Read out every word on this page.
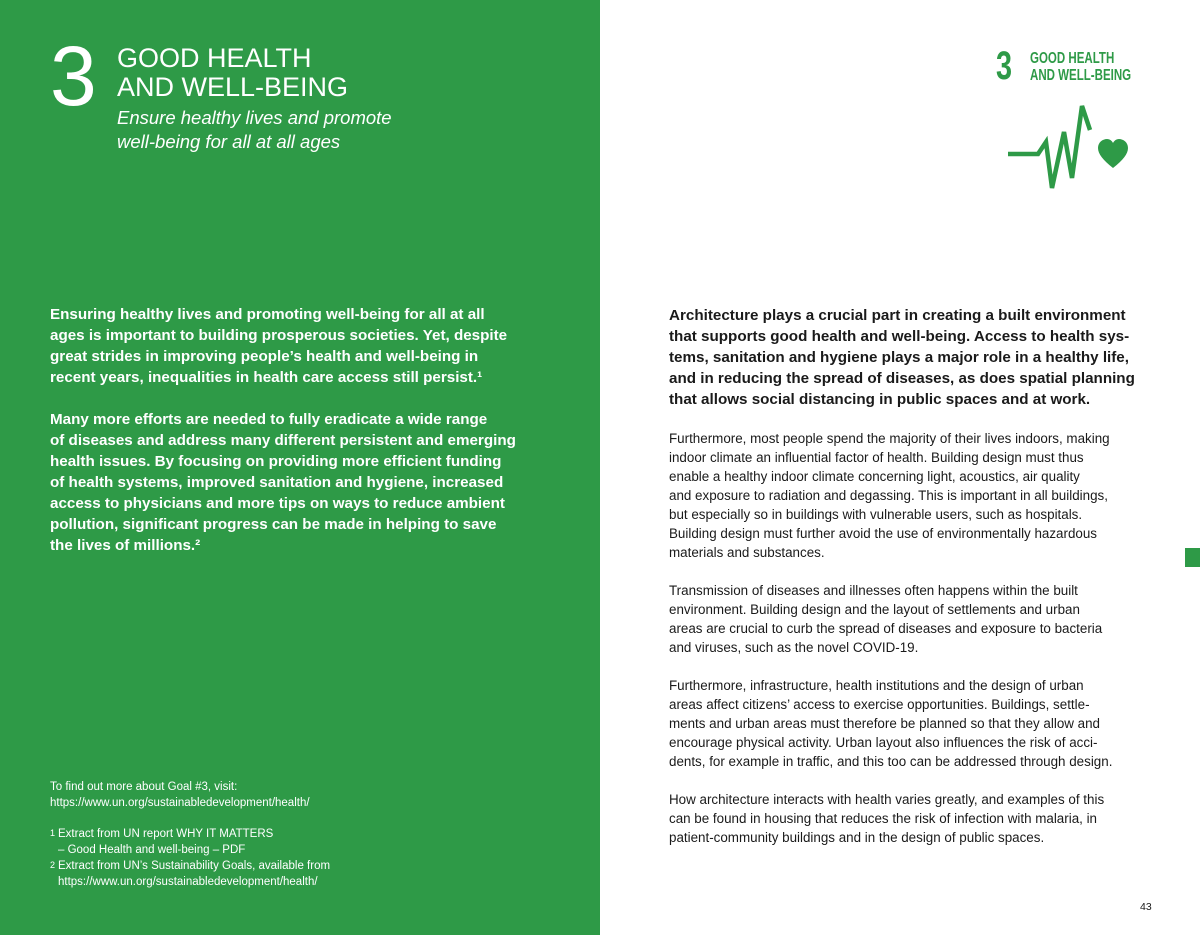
3 GOOD HEALTH
AND WELL-BEING
Ensure healthy lives and promote
well-being for all at all ages

Ensuring healthy lives and promoting well-being for all at all
ages is important to building prosperous societies. Yet, despite
great strides in improving people’s health and well-being in
recent years, inequalities in health care access still persist.¹

Many more efforts are needed to fully eradicate a wide range
of diseases and address many different persistent and emerging
health issues. By focusing on providing more efficient funding
of health systems, improved sanitation and hygiene, increased
access to physicians and more tips on ways to reduce ambient
pollution, significant progress can be made in helping to save
the lives of millions.²

To find out more about Goal #3, visit:
https://www.un.org/sustainabledevelopment/health/
1 Extract from UN report WHY IT MATTERS
– Good Health and well-being – PDF
2 Extract from UN’s Sustainability Goals, available from
https://www.un.org/sustainabledevelopment/health/
3 GOOD HEALTH
AND WELL-BEING
Architecture plays a crucial part in creating a built environment
that supports good health and well-being. Access to health sys-
tems, sanitation and hygiene plays a major role in a healthy life,
and in reducing the spread of diseases, as does spatial planning
that allows social distancing in public spaces and at work.

Furthermore, most people spend the majority of their lives indoors, making
indoor climate an influential factor of health. Building design must thus
enable a healthy indoor climate concerning light, acoustics, air quality
and exposure to radiation and degassing. This is important in all buildings,
but especially so in buildings with vulnerable users, such as hospitals.
Building design must further avoid the use of environmentally hazardous
materials and substances.

Transmission of diseases and illnesses often happens within the built
environment. Building design and the layout of settlements and urban
areas are crucial to curb the spread of diseases and exposure to bacteria
and viruses, such as the novel COVID-19.

Furthermore, infrastructure, health institutions and the design of urban
areas affect citizens’ access to exercise opportunities. Buildings, settle-
ments and urban areas must therefore be planned so that they allow and
encourage physical activity. Urban layout also influences the risk of acci-
dents, for example in traffic, and this too can be addressed through design.

How architecture interacts with health varies greatly, and examples of this
can be found in housing that reduces the risk of infection with malaria, in
patient-community buildings and in the design of public spaces.

43
